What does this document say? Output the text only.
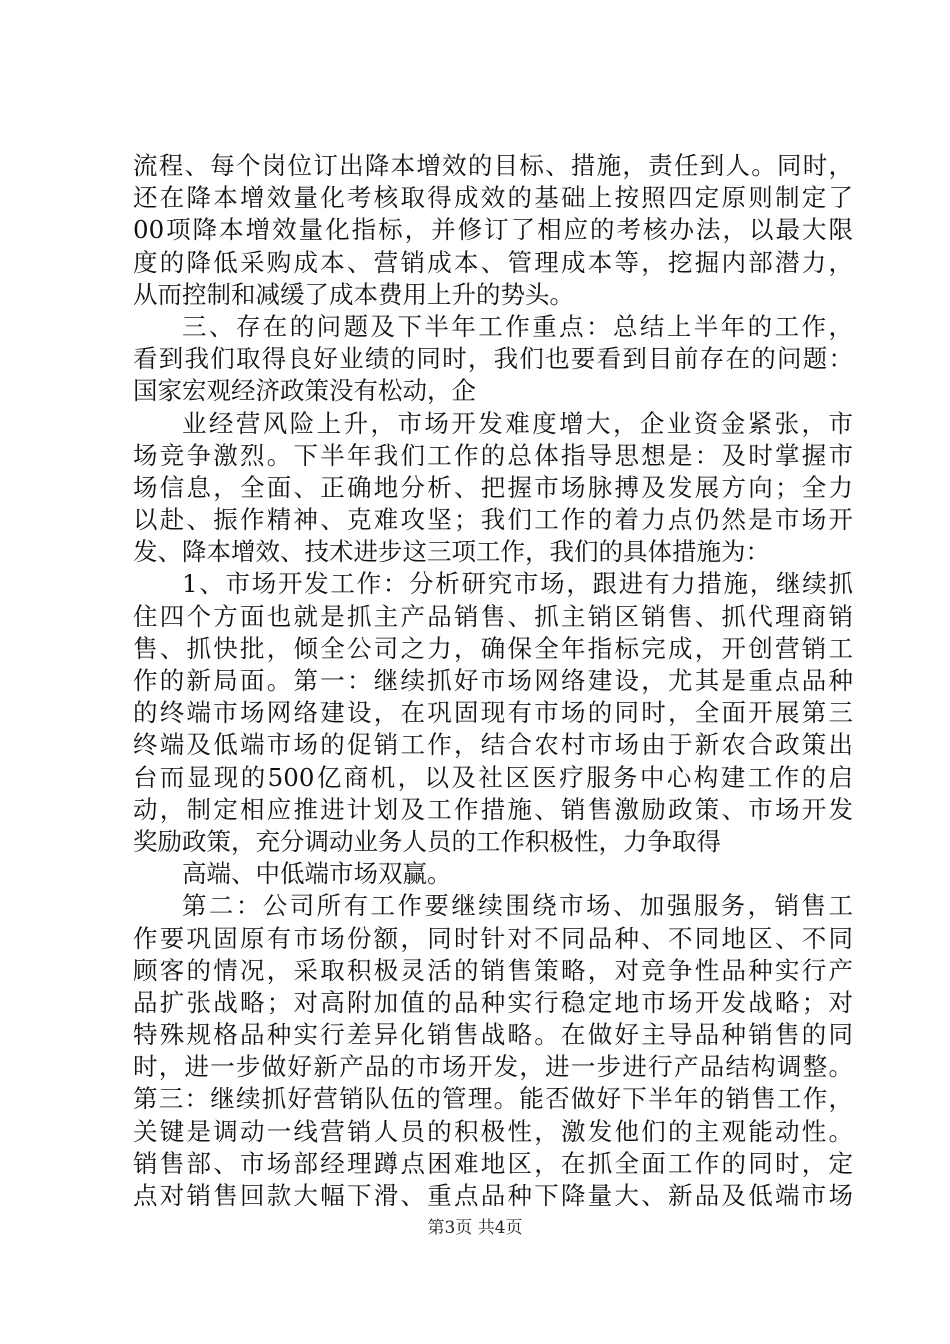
流程、每个岗位订出降本增效的目标、措施，责任到人。同时，
还在降本增效量化考核取得成效的基础上按照四定原则制定了
00项降本增效量化指标，并修订了相应的考核办法，以最大限
度的降低采购成本、营销成本、管理成本等，挖掘内部潜力，
从而控制和减缓了成本费用上升的势头。
三、存在的问题及下半年工作重点：总结上半年的工作，
看到我们取得良好业绩的同时，我们也要看到目前存在的问题：
国家宏观经济政策没有松动，企
业经营风险上升，市场开发难度增大，企业资金紧张，市
场竞争激烈。下半年我们工作的总体指导思想是：及时掌握市
场信息，全面、正确地分析、把握市场脉搏及发展方向；全力
以赴、振作精神、克难攻坚；我们工作的着力点仍然是市场开
发、降本增效、技术进步这三项工作，我们的具体措施为：
1、市场开发工作：分析研究市场，跟进有力措施，继续抓
住四个方面也就是抓主产品销售、抓主销区销售、抓代理商销
售、抓快批，倾全公司之力，确保全年指标完成，开创营销工
作的新局面。第一：继续抓好市场网络建设，尤其是重点品种
的终端市场网络建设，在巩固现有市场的同时，全面开展第三
终端及低端市场的促销工作，结合农村市场由于新农合政策出
台而显现的500亿商机，以及社区医疗服务中心构建工作的启
动，制定相应推进计划及工作措施、销售激励政策、市场开发
奖励政策，充分调动业务人员的工作积极性，力争取得
高端、中低端市场双赢。
第二：公司所有工作要继续围绕市场、加强服务，销售工
作要巩固原有市场份额，同时针对不同品种、不同地区、不同
顾客的情况，采取积极灵活的销售策略，对竞争性品种实行产
品扩张战略；对高附加值的品种实行稳定地市场开发战略；对
特殊规格品种实行差异化销售战略。在做好主导品种销售的同
时，进一步做好新产品的市场开发，进一步进行产品结构调整。
第三：继续抓好营销队伍的管理。能否做好下半年的销售工作，
关键是调动一线营销人员的积极性，激发他们的主观能动性。
销售部、市场部经理蹲点困难地区，在抓全面工作的同时，定
点对销售回款大幅下滑、重点品种下降量大、新品及低端市场
第3页 共4页
